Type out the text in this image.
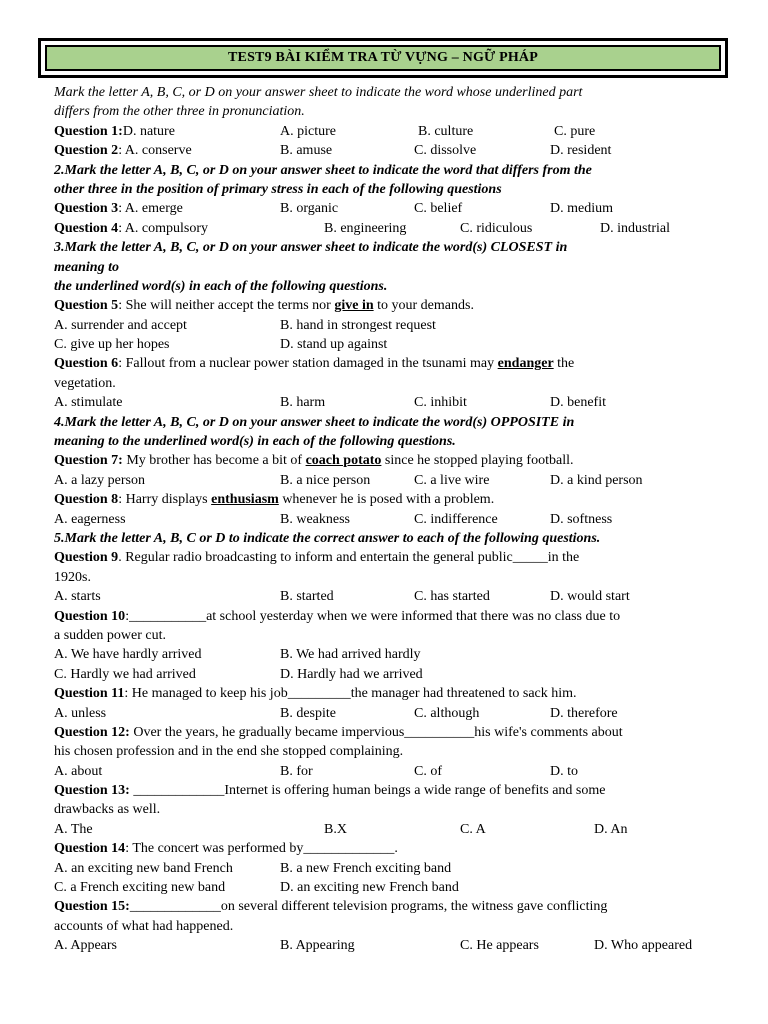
TEST9 BÀI KIỂM TRA TỪ VỰNG – NGỮ PHÁP
Mark the letter A, B, C, or D on your answer sheet to indicate the word whose underlined part
differs from the other three in pronunciation.
Question 1:D. nature	A. picture	B. culture	C. pure
Question 2: A. conserve	B. amuse	C. dissolve	D. resident
2.Mark the letter A, B, C, or D on your answer sheet to indicate the word that differs from the
other three in the position of primary stress in each of the following questions
Question 3: A. emerge	B. organic	C. belief	D. medium
Question 4: A. compulsory	B. engineering	C. ridiculous	D. industrial
3.Mark the letter A, B, C, or D on your answer sheet to indicate the word(s) CLOSEST in
meaning to
the underlined word(s) in each of the following questions.
Question 5: She will neither accept the terms nor give in to your demands.
A. surrender and accept	B. hand in strongest request
C. give up her hopes	D. stand up against
Question 6: Fallout from a nuclear power station damaged in the tsunami may endanger the
vegetation.
A. stimulate	B. harm	C. inhibit	D. benefit
4.Mark the letter A, B, C, or D on your answer sheet to indicate the word(s) OPPOSITE in
meaning to the underlined word(s) in each of the following questions.
Question 7: My brother has become a bit of coach potato since he stopped playing football.
A. a lazy person	B. a nice person	C. a live wire	D. a kind person
Question 8: Harry displays enthusiasm whenever he is posed with a problem.
A. eagerness	B. weakness	C. indifference	D. softness
5.Mark the letter A, B, C or D to indicate the correct answer to each of the following questions.
Question 9. Regular radio broadcasting to inform and entertain the general public_____in the
1920s.
A. starts	B. started	C. has started	D. would start
Question 10:___________at school yesterday when we were informed that there was no class due to
a sudden power cut.
A. We have hardly arrived	B. We had arrived hardly
C. Hardly we had arrived	D. Hardly had we arrived
Question 11: He managed to keep his job_________the manager had threatened to sack him.
A. unless	B. despite	C. although	D. therefore
Question 12: Over the years, he gradually became impervious__________his wife's comments about
his chosen profession and in the end she stopped complaining.
A. about	B. for	C. of	D. to
Question 13: _____________Internet is offering human beings a wide range of benefits and some
drawbacks as well.
A. The	B.X	C. A	D. An
Question 14: The concert was performed by_____________.
A. an exciting new band French	B. a new French exciting band
C. a French exciting new band	D. an exciting new French band
Question 15:_____________on several different television programs, the witness gave conflicting
accounts of what had happened.
A. Appears	B. Appearing	C. He appears	D. Who appeared
